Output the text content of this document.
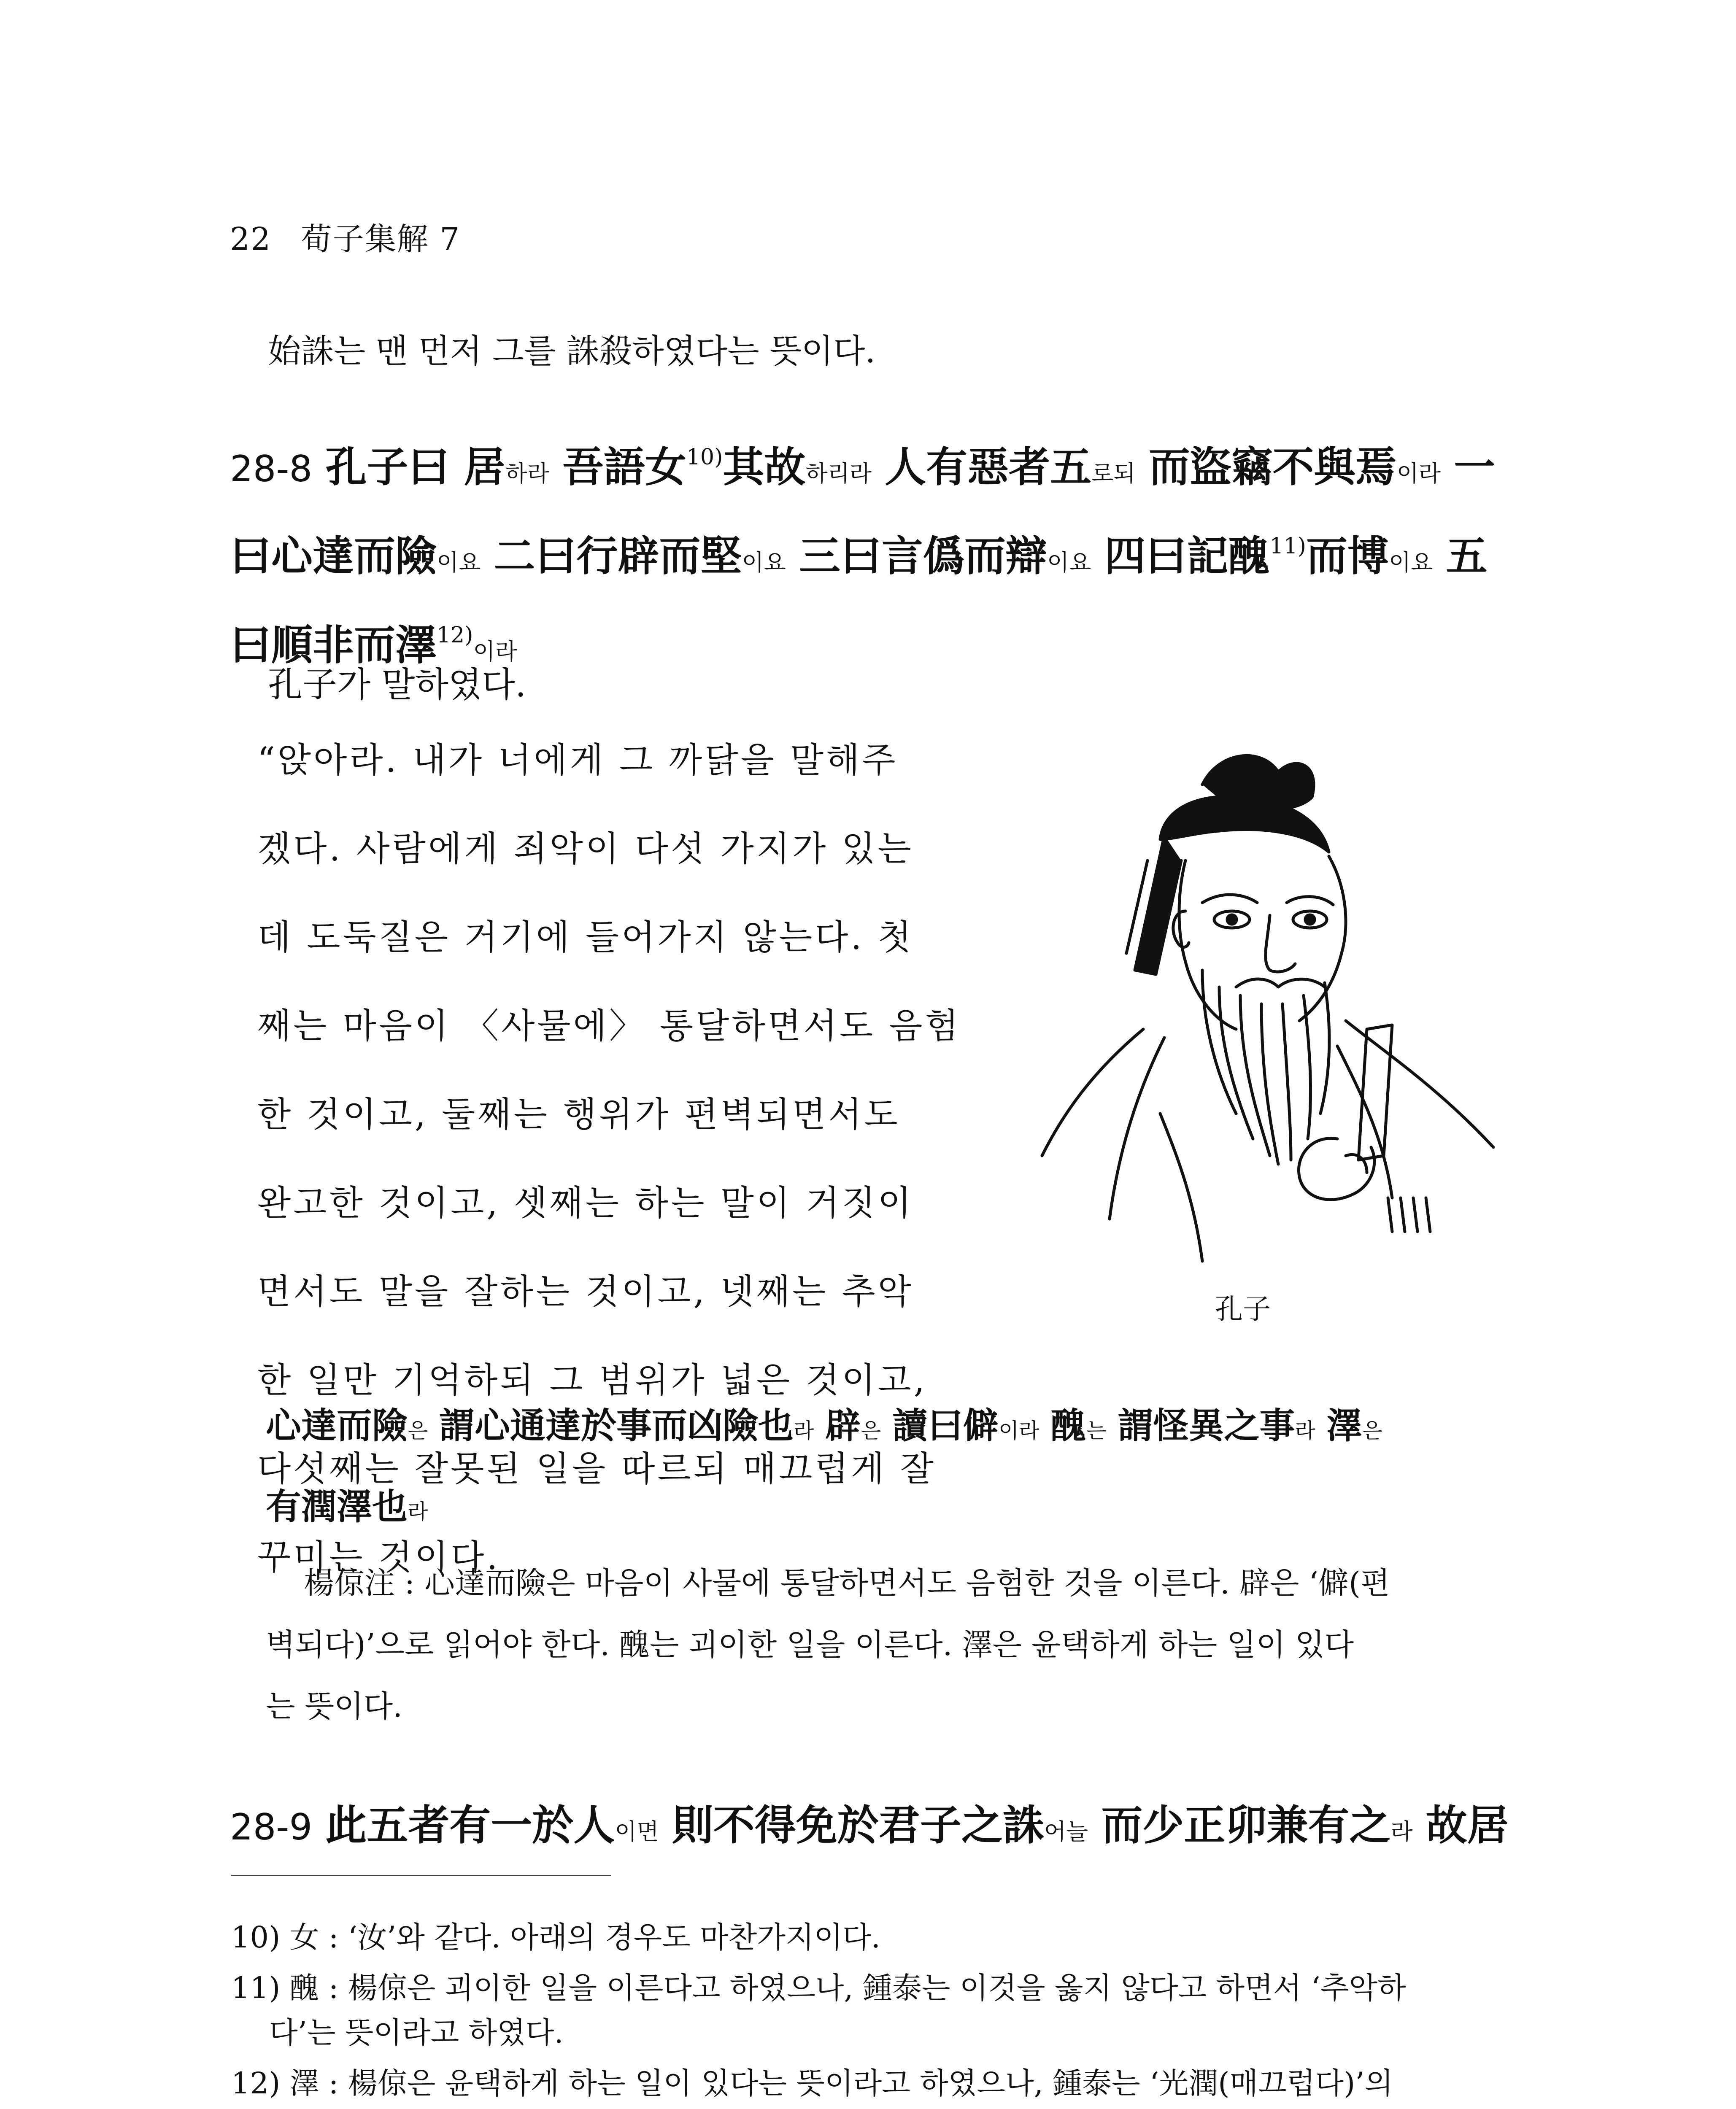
22 荀子集解 7

始誅는 맨 먼저 그를 誅殺하였다는 뜻이다.

28-8 孔子曰 居하라 吾語女$^{10)}$其故하리라 人有惡者五로되 而盜竊不與焉이라 一
曰心達而險이요 二曰行辟而堅이요 三曰言僞而辯이요 四曰記醜$^{11)}$而博이요 五
曰順非而澤$^{12)}$이라
孔子가 말하였다.
“앉아라. 내가 너에게 그 까닭을 말해주
겠다. 사람에게 죄악이 다섯 가지가 있는
데 도둑질은 거기에 들어가지 않는다. 첫
째는 마음이 〈사물에〉 통달하면서도 음험
한 것이고, 둘째는 행위가 편벽되면서도
완고한 것이고, 셋째는 하는 말이 거짓이
면서도 말을 잘하는 것이고, 넷째는 추악
한 일만 기억하되 그 범위가 넓은 것이고,
다섯째는 잘못된 일을 따르되 매끄럽게 잘
꾸미는 것이다.
孔子
心達而險은 謂心通達於事而凶險也라 辟은 讀曰僻이라 醜는 謂怪異之事라 澤은
有潤澤也라
楊倞注 : 心達而險은 마음이 사물에 통달하면서도 음험한 것을 이른다. 辟은 ‘僻(편
벽되다)’으로 읽어야 한다. 醜는 괴이한 일을 이른다. 澤은 윤택하게 하는 일이 있다
는 뜻이다.
28-9 此五者有一於人이면 則不得免於君子之誅어늘 而少正卯兼有之라 故居
10) 女 : ‘汝’와 같다. 아래의 경우도 마찬가지이다.
11) 醜 : 楊倞은 괴이한 일을 이른다고 하였으나, 鍾泰는 이것을 옳지 않다고 하면서 ‘추악하
다’는 뜻이라고 하였다.
12) 澤 : 楊倞은 윤택하게 하는 일이 있다는 뜻이라고 하였으나, 鍾泰는 ‘光潤(매끄럽다)’의
